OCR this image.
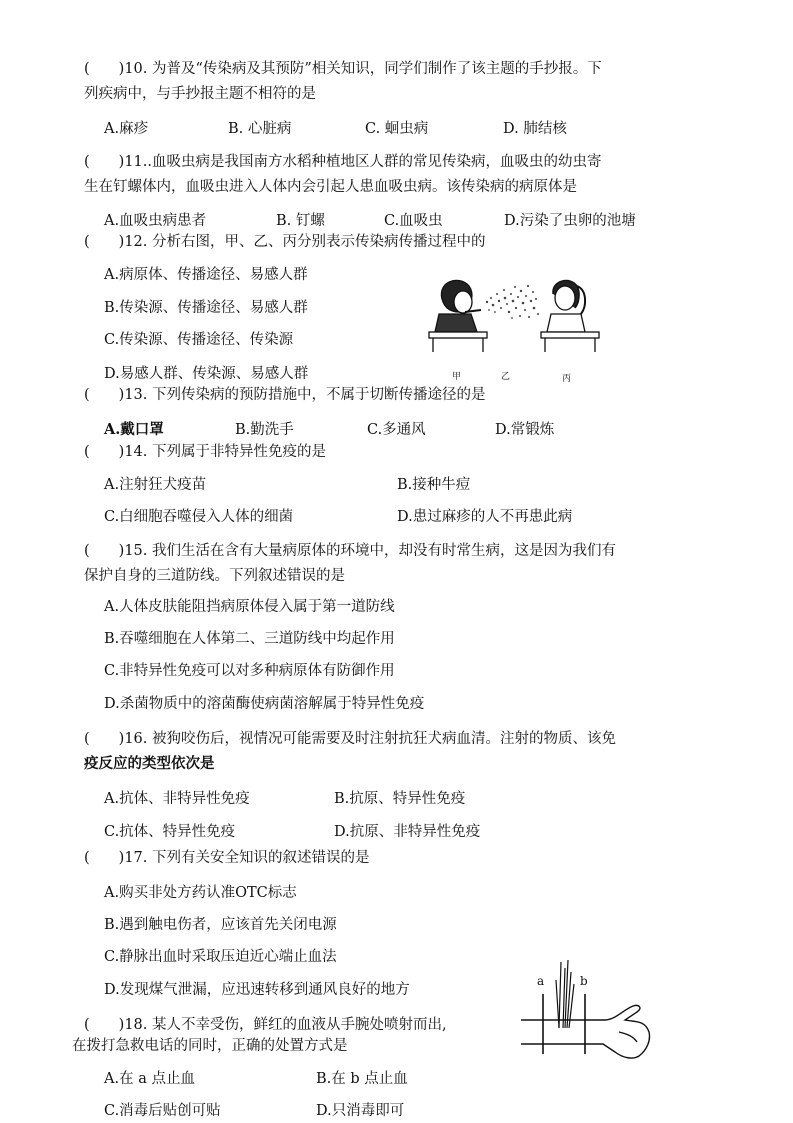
(　　)10. 为普及“传染病及其预防”相关知识，同学们制作了该主题的手抄报。下
列疾病中，与手抄报主题不相符的是
A.麻疹	B. 心脏病	C. 蛔虫病	D. 肺结核
(　　)11..血吸虫病是我国南方水稻种植地区人群的常见传染病，血吸虫的幼虫寄
生在钉螺体内，血吸虫进入人体内会引起人患血吸虫病。该传染病的病原体是
A.血吸虫病患者	B. 钉螺	C.血吸虫	D.污染了虫卵的池塘
(　　)12. 分析右图，甲、乙、丙分别表示传染病传播过程中的
A.病原体、传播途径、易感人群
B.传染源、传播途径、易感人群
C.传染源、传播途径、传染源
D.易感人群、传染源、易感人群	甲	乙	丙
(　　)13. 下列传染病的预防措施中，不属于切断传播途径的是
A.戴口罩	B.勤洗手	C.多通风	D.常锻炼
(　　)14. 下列属于非特异性免疫的是
A.注射狂犬疫苗	B.接种牛痘
C.白细胞吞噬侵入人体的细菌	D.患过麻疹的人不再患此病
(　　)15. 我们生活在含有大量病原体的环境中，却没有时常生病，这是因为我们有
保护自身的三道防线。下列叙述错误的是
A.人体皮肤能阻挡病原体侵入属于第一道防线
B.吞噬细胞在人体第二、三道防线中均起作用
C.非特异性免疫可以对多种病原体有防御作用
D.杀菌物质中的溶菌酶使病菌溶解属于特异性免疫
(　　)16. 被狗咬伤后，视情况可能需要及时注射抗狂犬病血清。注射的物质、该免
疫反应的类型依次是
A.抗体、非特异性免疫	B.抗原、特异性免疫
C.抗体、特异性免疫	D.抗原、非特异性免疫
(　　)17. 下列有关安全知识的叙述错误的是
A.购买非处方药认准OTC标志
B.遇到触电伤者，应该首先关闭电源
C.静脉出血时采取压迫近心端止血法
D.发现煤气泄漏，应迅速转移到通风良好的地方
(　　)18. 某人不幸受伤，鲜红的血液从手腕处喷射而出,
在拨打急救电话的同时，正确的处置方式是
A.在 a 点止血	B.在 b 点止血
C.消毒后贴创可贴	D.只消毒即可
a	b
